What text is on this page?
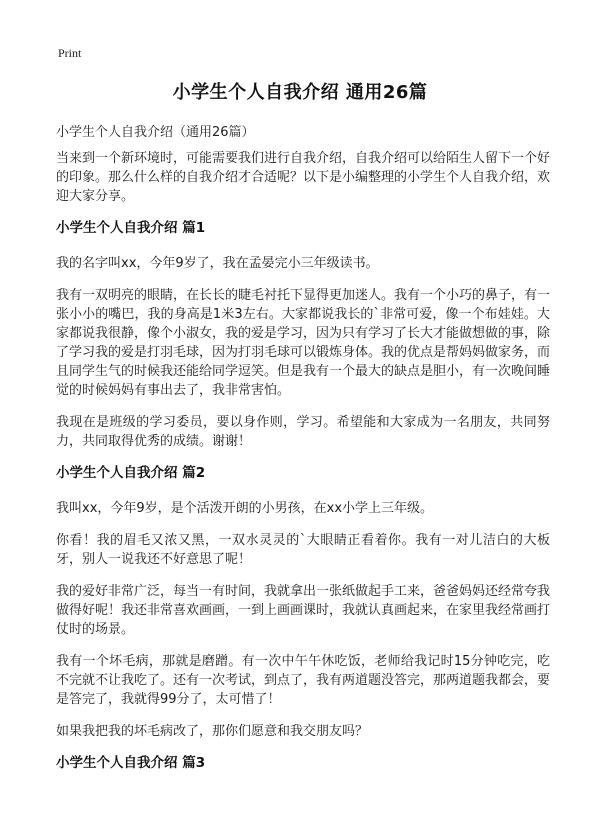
Print
小学生个人自我介绍 通用26篇
小学生个人自我介绍（通用26篇）

当来到一个新环境时，可能需要我们进行自我介绍，自我介绍可以给陌生人留下一个好的印象。那么什么样的自我介绍才合适呢？以下是小编整理的小学生个人自我介绍，欢迎大家分享。

小学生个人自我介绍 篇1

我的名字叫xx，今年9岁了，我在孟晏完小三年级读书。

我有一双明亮的眼睛，在长长的睫毛衬托下显得更加迷人。我有一个小巧的鼻子，有一张小小的嘴巴，我的身高是1米3左右。大家都说我长的`非常可爱，像一个布娃娃。大家都说我很静，像个小淑女，我的爱是学习，因为只有学习了长大才能做想做的事，除了学习我的爱是打羽毛球，因为打羽毛球可以锻炼身体。我的优点是帮妈妈做家务，而且同学生气的时候我还能给同学逗笑。但是我有一个最大的缺点是胆小，有一次晚间睡觉的时候妈妈有事出去了，我非常害怕。

我现在是班级的学习委员，要以身作则，学习。希望能和大家成为一名朋友，共同努力，共同取得优秀的成绩。谢谢！

小学生个人自我介绍 篇2

我叫xx，今年9岁，是个活泼开朗的小男孩，在xx小学上三年级。

你看！我的眉毛又浓又黑，一双水灵灵的`大眼睛正看着你。我有一对儿洁白的大板牙，别人一说我还不好意思了呢！

我的爱好非常广泛，每当一有时间，我就拿出一张纸做起手工来，爸爸妈妈还经常夸我做得好呢！我还非常喜欢画画，一到上画画课时，我就认真画起来，在家里我经常画打仗时的场景。

我有一个坏毛病，那就是磨蹭。有一次中午午休吃饭，老师给我记时15分钟吃完，吃不完就不让我吃了。还有一次考试，到点了，我有两道题没答完，那两道题我都会，要是答完了，我就得99分了，太可惜了！

如果我把我的坏毛病改了，那你们愿意和我交朋友吗？

小学生个人自我介绍 篇3
